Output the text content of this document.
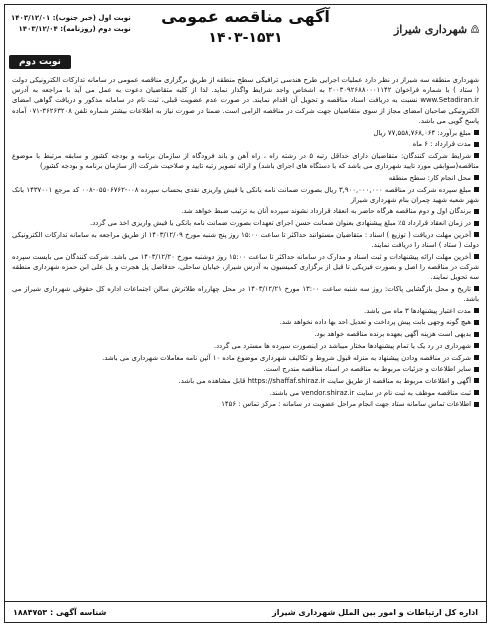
شهرداری شیراز
آگهی مناقصه عمومی
۱۴۰۳-۱۵۳۱
نوبت اول (خبر جنوب): ۱۴۰۳/۱۲/۰۱
نوبت دوم (روزنامه): ۱۴۰۳/۱۲/۰۴
نوبت دوم

شهرداری منطقه سه شیراز در نظر دارد عملیات اجرایی طرح هندسی ترافیکی سطح منطقه از طریق برگزاری مناقصه عمومی در سامانه تدارکات الکترونیکی دولت ( ستاد ) با شماره فراخوان ۲۰۰۳۰۹۲۶۸۸۰۰۰۱۱۴۲ به اشخاص واجد شرایط واگذار نماید. لذا از کلیه متقاضیان دعوت به عمل می آید با مراجعه به آدرس www.Setadiran.ir نسبت به دریافت اسناد مناقصه و تحویل آن اقدام نمایند. در صورت عدم عضویت قبلی، ثبت نام در سامانه مذکور و دریافت گواهی امضای الکترونیکی صاحبان امضای مجاز از سوی متقاضیان جهت شرکت در مناقصه الزامی است. ضمنا در صورت نیاز به اطلاعات بیشتر شماره تلفن ۳۶۲۶۳۲۰۸-۰۷۱ آماده پاسخ گویی می باشد.

مبلغ برآورد: ۷۷,۵۵۸,۷۶۸,۰۶۴ ریال

مدت قرارداد : ۶ ماه

شرایط شرکت کنندگان: متقاضیان دارای حداقل رتبه ۵ در رشته راه ، راه آهن و باند فرودگاه از سازمان برنامه و بودجه کشور و سابقه مرتبط با موضوع مناقصه(سوابقی مورد تایید شهرداری می باشد که با دستگاه های اجرای باشد) و ارائه تصویر رتبه تایید و صلاحیت شرکت (از سازمان برنامه و بودجه کشور)

محل انجام کار: سطح منطقه

مبلغ سپرده شرکت در مناقصه ۳,۹۰۰,۰۰۰,۰۰۰ ریال بصورت ضمانت نامه بانکی یا فیش واریزی نقدی بحساب سپرده ۰۰۸-۰۵۵۰۶۷۶۲-۰۰۸ کد مرجع ۱۴۳۷۰۰۱ بانک شهر شعبه شهید چمران بنام شهرداری شیراز

برندگان اول و دوم مناقصه هرگاه حاضر به انعقاد قرارداد نشوند سپرده آنان به ترتیب ضبط خواهد شد.

در زمان انعقاد قرارداد ۵٪ مبلغ پیشنهادی بعنوان ضمانت حسن اجرای تعهدات بصورت ضمانت نامه بانکی یا فیش واریزی اخذ می گردد.

آخرین مهلت دریافت ( توزیع ) اسناد : متقاضیان مستوانند حداکثر تا ساعت ۱۵:۰۰ روز پنج شنبه مورخ ۱۴۰۳/۱۲/۰۹ از طریق مراجعه به سامانه تدارکات الکترونیکی دولت ( ستاد ) اسناد را دریافت نمایند.

آخرین مهلت ارائه پیشنهادات و ثبت اسناد و مدارک در سامانه حداکثر تا ساعت ۱۵:۰۰ روز دوشنبه مورخ ۱۴۰۳/۱۲/۲۰ می باشد. شرکت کنندگان می بایست سپرده شرکت در مناقصه را اصل و بصورت فیزیکی تا قبل از برگزاری کمیسیون به آدرس شیراز، خیابان ساحلی، حدفاصل پل هجرت و پل علی ابن حمزه شهرداری منطقه سه تحویل نمایند.

تاریخ و محل بازگشایی پاکات: روز سه شنبه ساعت ۱۳:۰۰ مورخ ۱۴۰۳/۱۲/۲۱ در محل چهارراه طلاترش سالن اجتماعات اداره کل حقوقی شهرداری شیراز می باشد.

مدت اعتبار پیشنهادها ۳ ماه می باشد.

هیچ گونه وجهی بابت پیش پرداخت و تعدیل احد بها داده نخواهد شد.

بدیهی است هزینه آگهی بعهده برنده مناقصه خواهد بود.

شهرداری در رد یک یا تمام پیشنهادها مختار میباشد در اینصورت سپرده ها مسترد می گردد.

شرکت در مناقصه ودادن پیشنهاد به منزله قبول شروط و تکالیف شهرداری موضوع ماده ۱۰ آئین نامه معاملات شهرداری می باشد.

سایر اطلاعات و جزئیات مربوط به مناقصه در اسناد مناقصه مندرج است.

آگهی و اطلاعات مربوط به مناقصه از طریق سایت https://shaffaf.shiraz.ir قابل مشاهده می باشد.

ثبت مناقصه موظف به ثبت نام در سایت vendor.shiraz.ir می باشند.

اطلاعات تماس سامانه ستاد جهت انجام مراحل عضویت در سامانه : مرکز تماس : ۱۴۵۶

اداره کل ارتباطات و امور بین الملل شهرداری شیراز
شناسه آگهی : ۱۸۸۴۷۵۳
